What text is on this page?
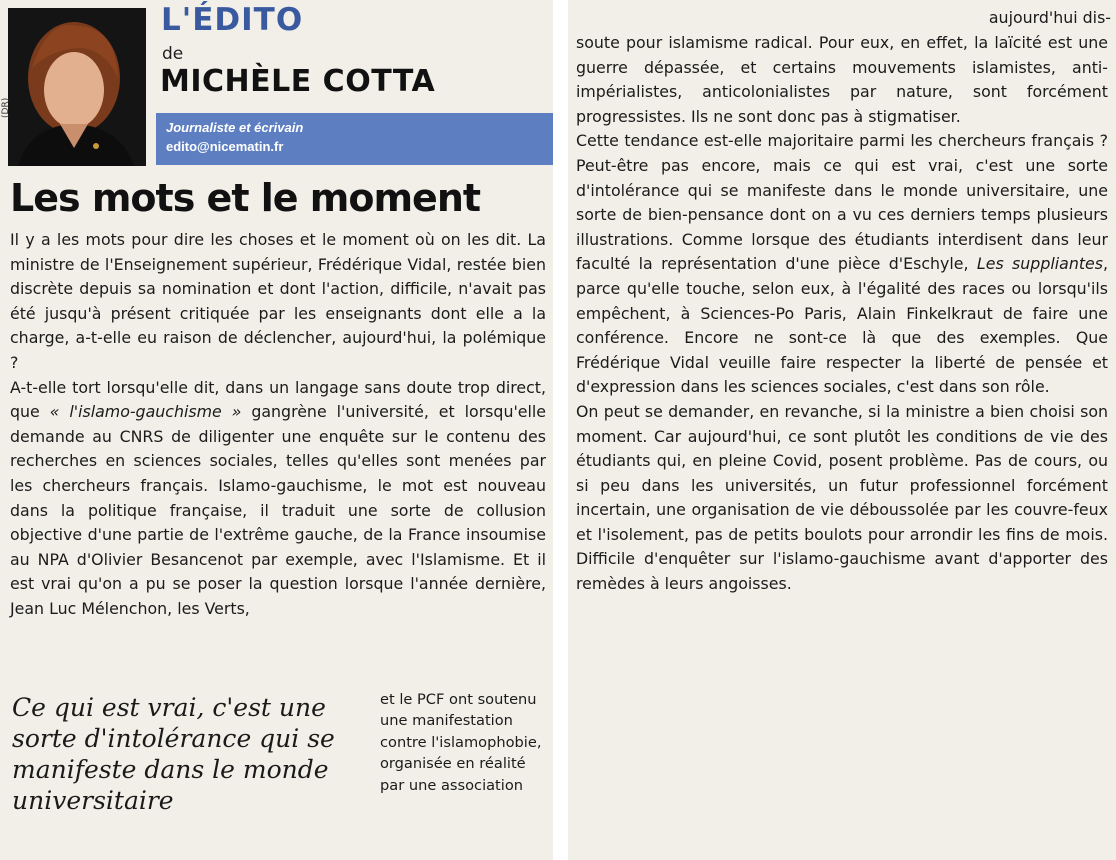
(DR)
L'ÉDITO
de
MICHÈLE COTTA
Journaliste et écrivain
edito@nicematin.fr
Les mots et le moment

Il y a les mots pour dire les choses et le moment où on les dit. La ministre de l'Enseignement supérieur, Frédérique Vidal, restée bien discrète depuis sa nomination et dont l'action, difficile, n'avait pas été jusqu'à présent critiquée par les enseignants dont elle a la charge, a-t-elle eu raison de déclencher, aujourd'hui, la polémique ?

A-t-elle tort lorsqu'elle dit, dans un langage sans doute trop direct, que « l'islamo-gauchisme » gangrène l'université, et lorsqu'elle demande au CNRS de diligenter une enquête sur le contenu des recherches en sciences sociales, telles qu'elles sont menées par les chercheurs français. Islamo-gauchisme, le mot est nouveau dans la politique française, il traduit une sorte de collusion objective d'une partie de l'extrême gauche, de la France insoumise au NPA d'Olivier Besancenot par exemple, avec l'Islamisme. Et il est vrai qu'on a pu se poser la question lorsque l'année dernière, Jean Luc Mélenchon, les Verts,

Ce qui est vrai, c'est une sorte d'intolérance qui se manifeste dans le monde universitaire
et le PCF ont soutenu une manifestation contre l'islamophobie, organisée en réalité par une association
aujourd'hui dis-

soute pour islamisme radical. Pour eux, en effet, la laïcité est une guerre dépassée, et certains mouvements islamistes, anti-impérialistes, anticolonialistes par nature, sont forcément progressistes. Ils ne sont donc pas à stigmatiser.

Cette tendance est-elle majoritaire parmi les chercheurs français ? Peut-être pas encore, mais ce qui est vrai, c'est une sorte d'intolérance qui se manifeste dans le monde universitaire, une sorte de bien-pensance dont on a vu ces derniers temps plusieurs illustrations. Comme lorsque des étudiants interdisent dans leur faculté la représentation d'une pièce d'Eschyle, Les suppliantes, parce qu'elle touche, selon eux, à l'égalité des races ou lorsqu'ils empêchent, à Sciences-Po Paris, Alain Finkelkraut de faire une conférence. Encore ne sont-ce là que des exemples. Que Frédérique Vidal veuille faire respecter la liberté de pensée et d'expression dans les sciences sociales, c'est dans son rôle.

On peut se demander, en revanche, si la ministre a bien choisi son moment. Car aujourd'hui, ce sont plutôt les conditions de vie des étudiants qui, en pleine Covid, posent problème. Pas de cours, ou si peu dans les universités, un futur professionnel forcément incertain, une organisation de vie déboussolée par les couvre-feux et l'isolement, pas de petits boulots pour arrondir les fins de mois. Difficile d'enquêter sur l'islamo-gauchisme avant d'apporter des remèdes à leurs angoisses.
